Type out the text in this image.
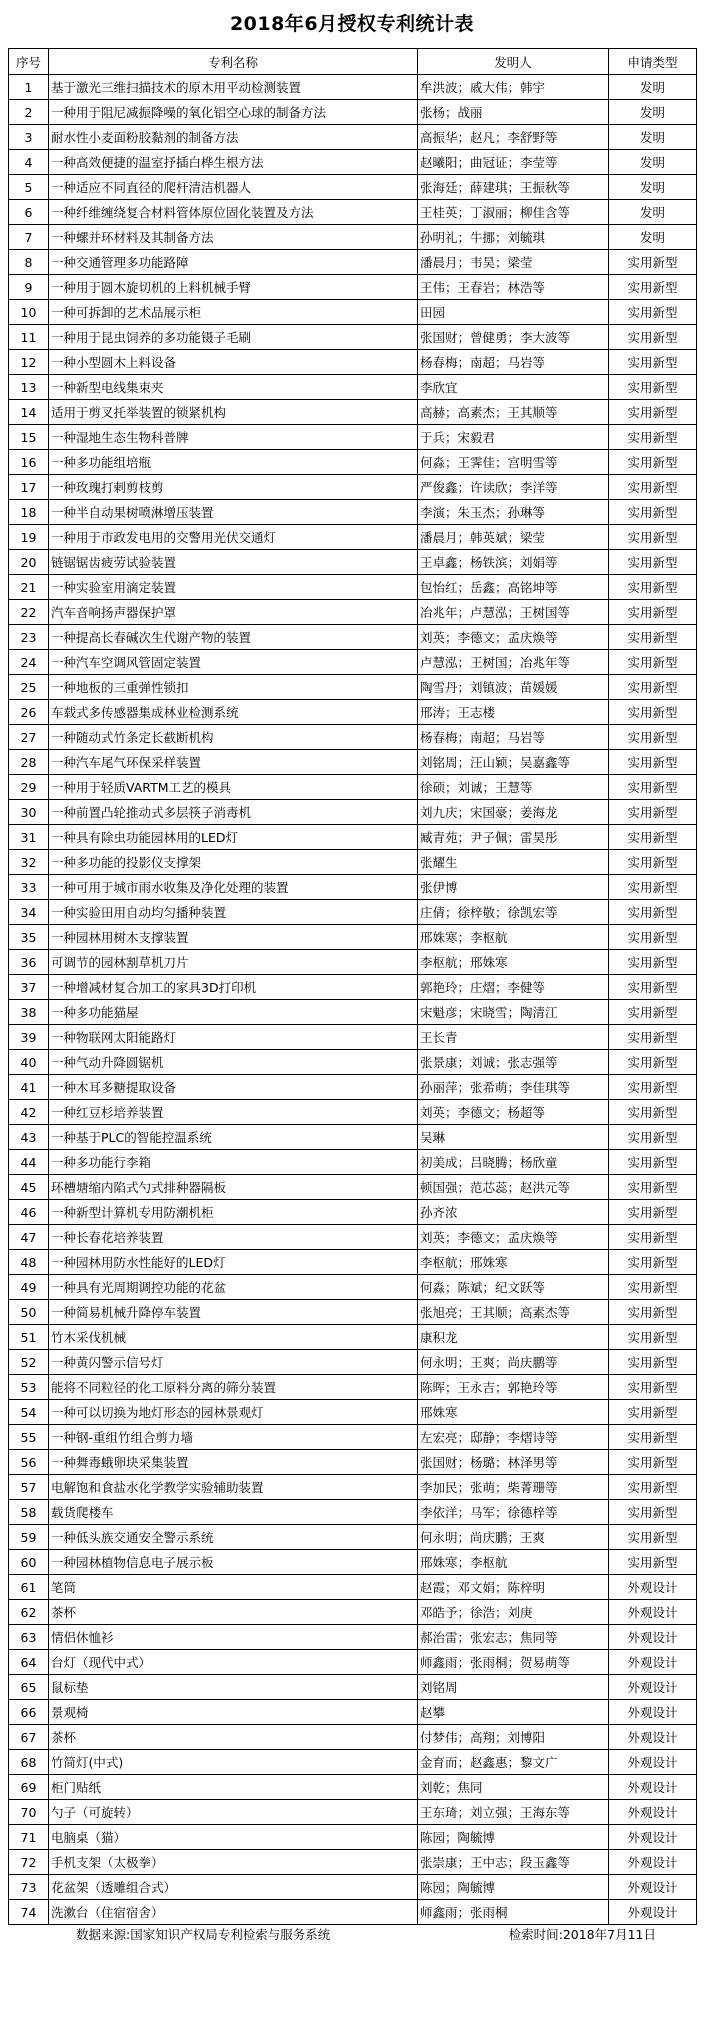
2018年6月授权专利统计表
序号	专利名称	发明人	申请类型
1	基于激光三维扫描技术的原木用平动检测装置	牟洪波；戚大伟；韩宇	发明
2	一种用于阻尼减振降噪的氧化铝空心球的制备方法	张杨；战丽	发明
3	耐水性小麦面粉胶黏剂的制备方法	高振华；赵凡；李舒野等	发明
4	一种高效便捷的温室抒插白桦生根方法	赵曦阳；曲冠证；李莹等	发明
5	一种适应不同直径的爬杆清洁机器人	张海廷；薛建琪；王振秋等	发明
6	一种纤维缠绕复合材料管体原位固化装置及方法	王桂英；丁淑丽；柳佳含等	发明
7	一种螺并环材料及其制备方法	孙明礼；牛挪；刘毓琪	发明
8	一种交通管理多功能路障	潘晨月；韦昊；梁莹	实用新型
9	一种用于圆木旋切机的上料机械手臂	王伟；王春岩；林浩等	实用新型
10	一种可拆卸的艺术品展示柜	田园	实用新型
11	一种用于昆虫饲养的多功能镊子毛刷	张国财；曾健勇；李大波等	实用新型
12	一种小型圆木上料设备	杨春梅；南超；马岩等	实用新型
13	一种新型电线集束夹	李欣宜	实用新型
14	适用于剪叉托举装置的锁紧机构	高赫；高素杰；王其顺等	实用新型
15	一种湿地生态生物科普牌	于兵；宋毅君	实用新型
16	一种多功能组培瓶	何淼；王霁佳；宫明雪等	实用新型
17	一种玫瑰打剌剪枝剪	严俊鑫；许读欣；李洋等	实用新型
18	一种半自动果树喷淋增压装置	李演；朱玉杰；孙琳等	实用新型
19	一种用于市政发电用的交警用光伏交通灯	潘晨月；韩英斌；梁莹	实用新型
20	链锯锯齿疲劳试验装置	王卓鑫；杨铁滨；刘娟等	实用新型
21	一种实验室用滴定装置	包怡红；岳鑫；高铭坤等	实用新型
22	汽车音响扬声器保护罩	冶兆年；卢慧泓；王树国等	实用新型
23	一种提高长春碱次生代谢产物的装置	刘英；李德文；孟庆焕等	实用新型
24	一种汽车空调风管固定装置	卢慧泓；王树国；冶兆年等	实用新型
25	一种地板的三重弹性锁扣	陶雪丹；刘镇波；苗媛媛	实用新型
26	车载式多传感器集成林业检测系统	邢涛；王志楼	实用新型
27	一种随动式竹条定长截断机构	杨春梅；南超；马岩等	实用新型
28	一种汽车尾气环保采样装置	刘铭周；汪山颖；吴嘉鑫等	实用新型
29	一种用于轻质VARTM工艺的模具	徐硕；刘诚；王慧等	实用新型
30	一种前置凸轮推动式多层筷子消毒机	刘九庆；宋国豪；姜海龙	实用新型
31	一种具有除虫功能园林用的LED灯	臧青苑；尹子佩；雷昊彤	实用新型
32	一种多功能的投影仪支撑架	张耀生	实用新型
33	一种可用于城市雨水收集及净化处理的装置	张伊博	实用新型
34	一种实验田用自动均匀播种装置	庄倩；徐梓敬；徐凯宏等	实用新型
35	一种园林用树木支撑装置	邢姝寒；李枢航	实用新型
36	可调节的园林割草机刀片	李枢航；邢姝寒	实用新型
37	一种增减材复合加工的家具3D打印机	郭艳玲；庄熠；李健等	实用新型
38	一种多功能猫屋	宋魁彦；宋晓雪；陶清江	实用新型
39	一种物联网太阳能路灯	王长青	实用新型
40	一种气动升降圆锯机	张景康；刘诚；张志强等	实用新型
41	一种木耳多糖提取设备	孙丽萍；张希萌；李佳琪等	实用新型
42	一种红豆杉培养装置	刘英；李德文；杨超等	实用新型
43	一种基于PLC的智能控温系统	吴琳	实用新型
44	一种多功能行李箱	初美成；吕晓腾；杨欣童	实用新型
45	环槽塘缩内陷式勺式排种器隔板	顿国强；范芯蕊；赵洪元等	实用新型
46	一种新型计算机专用防潮机柜	孙齐浓	实用新型
47	一种长春花培养装置	刘英；李德文；孟庆焕等	实用新型
48	一种园林用防水性能好的LED灯	李枢航；邢姝寒	实用新型
49	一种具有光周期调控功能的花盆	何淼；陈斌；纪文跃等	实用新型
50	一种简易机械升降停车装置	张旭亮；王其顺；高素杰等	实用新型
51	竹木采伐机械	康积龙	实用新型
52	一种黄闪警示信号灯	何永明；王爽；尚庆鹏等	实用新型
53	能将不同粒径的化工原料分离的筛分装置	陈晖；王永吉；郭艳玲等	实用新型
54	一种可以切换为地灯形态的园林景观灯	邢姝寒	实用新型
55	一种钢-重组竹组合剪力墙	左宏亮；邸静；李熠诗等	实用新型
56	一种舞毒蛾卵块采集装置	张国财；杨璐；林泽男等	实用新型
57	电解饱和食盐水化学教学实验辅助装置	李加民；张萌；柴菁珊等	实用新型
58	载货爬楼车	李依洋；马军；徐德梓等	实用新型
59	一种低头族交通安全警示系统	何永明；尚庆鹏；王爽	实用新型
60	一种园林植物信息电子展示板	邢姝寒；李枢航	实用新型
61	笔筒	赵霞；邓文娟；陈梓明	外观设计
62	茶杯	邓皓予；徐浩；刘庚	外观设计
63	情侣休恤衫	郝治雷；张宏志；焦同等	外观设计
64	台灯（现代中式）	师鑫雨；张雨桐；贺易萌等	外观设计
65	鼠标垫	刘铭周	外观设计
66	景观椅	赵攀	外观设计
67	茶杯	付梦伟；高翔；刘博阳	外观设计
68	竹简灯(中式)	金育而；赵鑫惠；黎文广	外观设计
69	柜门贴纸	刘乾；焦同	外观设计
70	勺子（可旋转）	王东琦；刘立强；王海东等	外观设计
71	电脑桌（猫）	陈园；陶毓博	外观设计
72	手机支架（太极拳）	张崇康；王中志；段玉鑫等	外观设计
73	花盆架（透雕组合式）	陈园；陶毓博	外观设计
74	洗漱台（住宿宿舍）	师鑫雨；张雨桐	外观设计
数据来源:国家知识产权局专利检索与服务系统	检索时间:2018年7月11日
